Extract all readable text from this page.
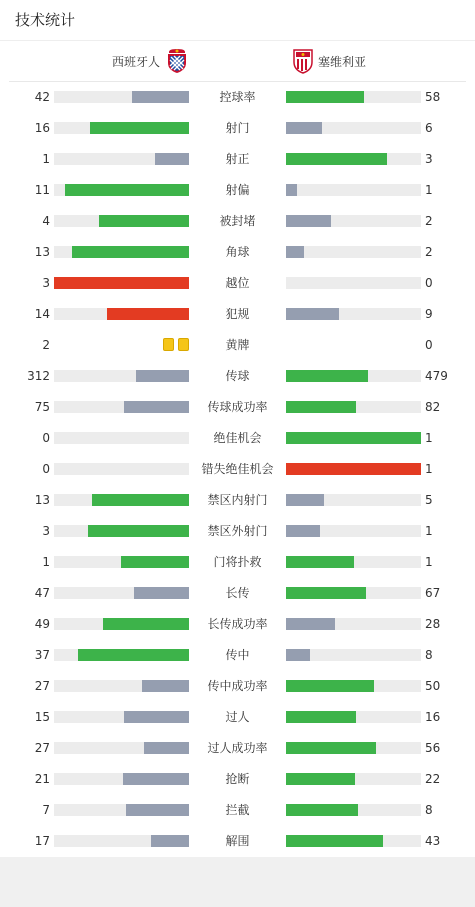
技术统计
西班牙人	塞维利亚
42	控球率	58
16	射门	6
1	射正	3
11	射偏	1
4	被封堵	2
13	角球	2
3	越位	0
14	犯规	9
2	黄牌	0
312	传球	479
75	传球成功率	82
0	绝佳机会	1
0	错失绝佳机会	1
13	禁区内射门	5
3	禁区外射门	1
1	门将扑救	1
47	长传	67
49	长传成功率	28
37	传中	8
27	传中成功率	50
15	过人	16
27	过人成功率	56
21	抢断	22
7	拦截	8
17	解围	43
